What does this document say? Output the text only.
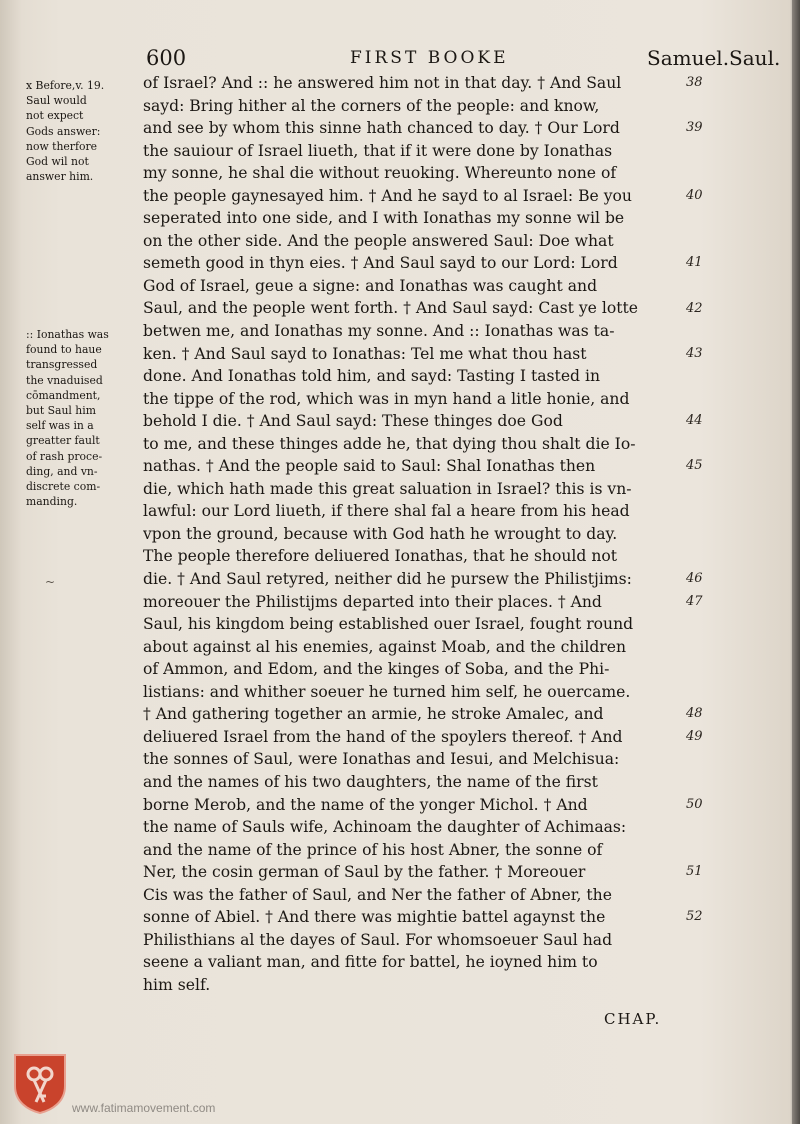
600	FIRST BOOKE	Samuel.Saul.
x Before,v. 19.
Saul would
not expect
Gods answer:
now therfore
God wil not
answer him.
:: Ionathas was
found to haue
transgressed
the vnaduised
cōmandment,
but Saul him
self was in a
greatter fault
of rash proce-
ding, and vn-
discrete com-
manding.
~
of Israel? And :: he answered him not in that day. † And Saul
sayd: Bring hither al the corners of the people: and know,
and see by whom this sinne hath chanced to day. † Our Lord
the sauiour of Israel liueth, that if it were done by Ionathas
my sonne, he shal die without reuoking. Whereunto none of
the people gaynesayed him. † And he sayd to al Israel: Be you
seperated into one side, and I with Ionathas my sonne wil be
on the other side. And the people answered Saul: Doe what
semeth good in thyn eies. † And Saul sayd to our Lord: Lord
God of Israel, geue a signe: and Ionathas was caught and
Saul, and the people went forth. † And Saul sayd: Cast ye lotte
betwen me, and Ionathas my sonne. And :: Ionathas was ta-
ken. † And Saul sayd to Ionathas: Tel me what thou hast
done. And Ionathas told him, and sayd: Tasting I tasted in
the tippe of the rod, which was in myn hand a litle honie, and
behold I die. † And Saul sayd: These thinges doe God
to me, and these thinges adde he, that dying thou shalt die Io-
nathas. † And the people said to Saul: Shal Ionathas then
die, which hath made this great saluation in Israel? this is vn-
lawful: our Lord liueth, if there shal fal a heare from his head
vpon the ground, because with God hath he wrought to day.
The people therefore deliuered Ionathas, that he should not
die. † And Saul retyred, neither did he pursew the Philistjims:
moreouer the Philistijms departed into their places. † And
Saul, his kingdom being established ouer Israel, fought round
about against al his enemies, against Moab, and the children
of Ammon, and Edom, and the kinges of Soba, and the Phi-
listians: and whither soeuer he turned him self, he ouercame.
† And gathering together an armie, he stroke Amalec, and
deliuered Israel from the hand of the spoylers thereof. † And
the sonnes of Saul, were Ionathas and Iesui, and Melchisua:
and the names of his two daughters, the name of the first
borne Merob, and the name of the yonger Michol. † And
the name of Sauls wife, Achinoam the daughter of Achimaas:
and the name of the prince of his host Abner, the sonne of
Ner, the cosin german of Saul by the father. † Moreouer
Cis was the father of Saul, and Ner the father of Abner, the
sonne of Abiel. † And there was mightie battel agaynst the
Philisthians al the dayes of Saul. For whomsoeuer Saul had
seene a valiant man, and fitte for battel, he ioyned him to
him self.
38
39
40
41
42
43
44
45
46
47
48
49
50
51
52
CHAP.
www.fatimamovement.com
